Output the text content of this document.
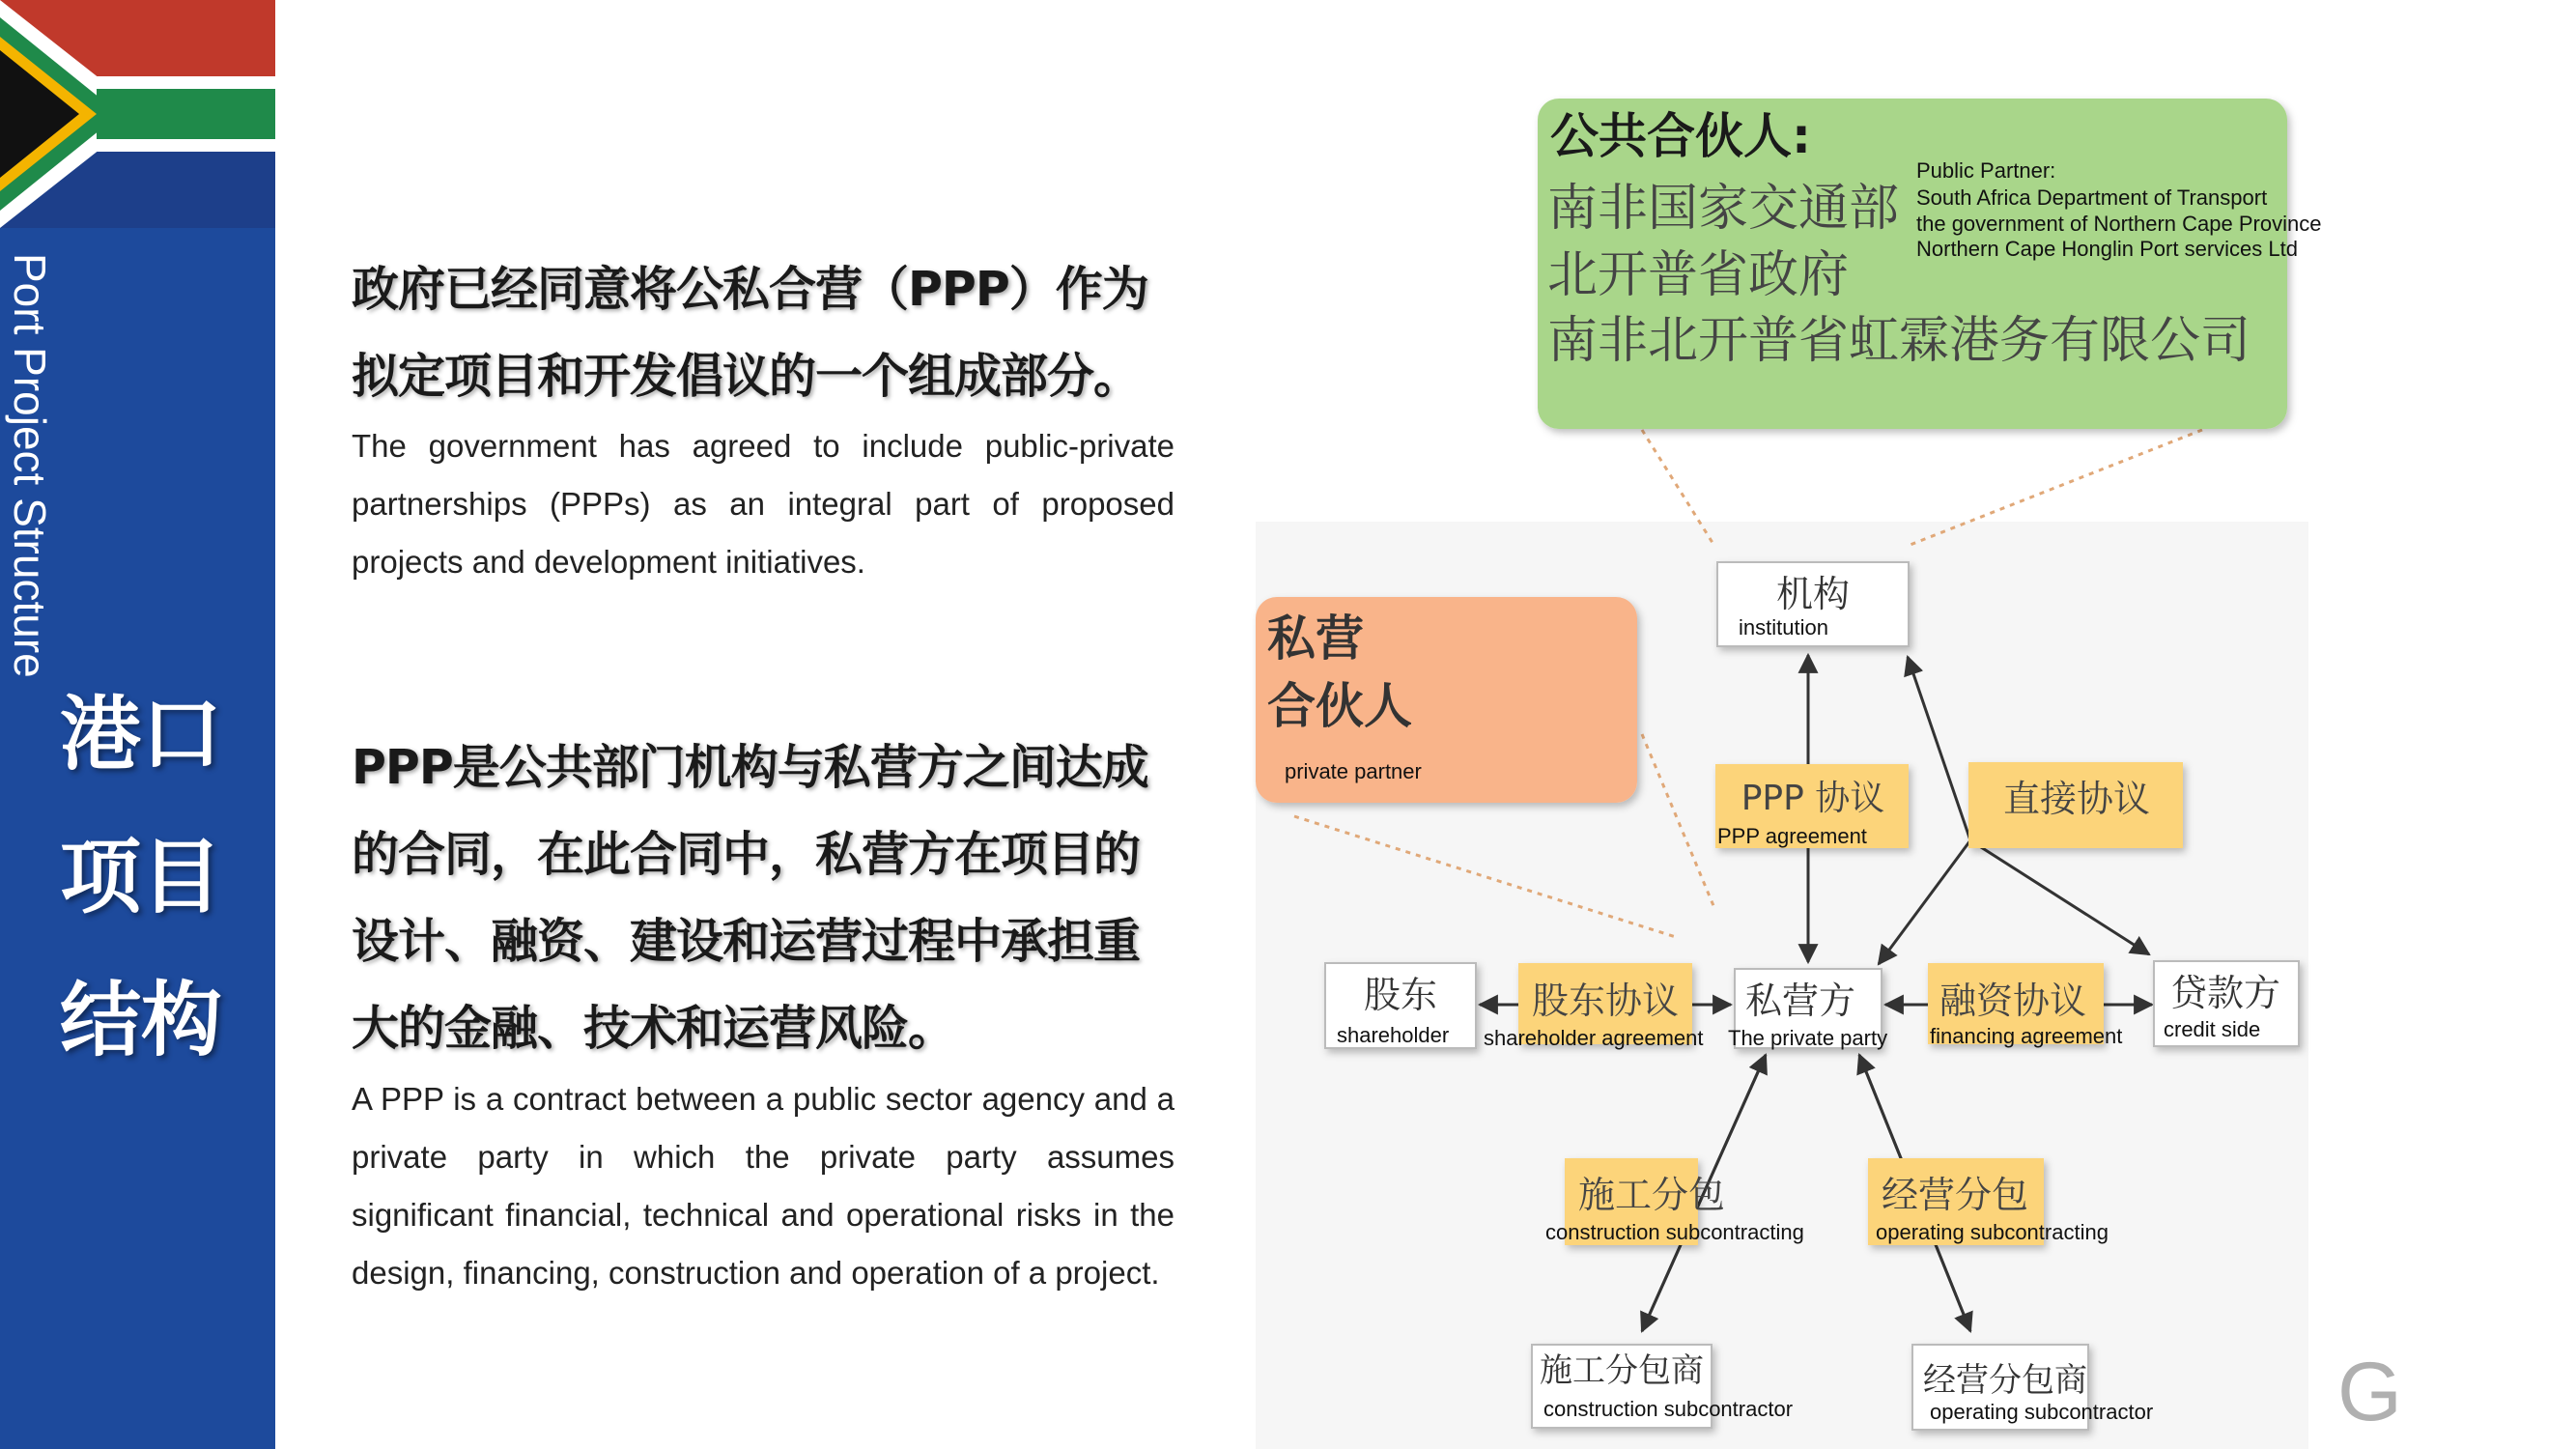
Port Project Structure
港口
项目
结构
政府已经同意将公私合营（PPP）作为
拟定项目和开发倡议的一个组成部分。
The government has agreed to include public-private partnerships (PPPs) as an integral part of proposed projects and development initiatives.
PPP是公共部门机构与私营方之间达成
的合同，在此合同中，私营方在项目的
设计、融资、建设和运营过程中承担重
大的金融、技术和运营风险。
A PPP is a contract between a public sector agency and a private party in which the private party assumes significant financial, technical and operational risks in the design, financing, construction and operation of a project.
公共合伙人:
南非国家交通部
北开普省政府
南非北开普省虹霖港务有限公司
Public Partner:
South Africa Department of Transport
the government of Northern Cape Province
Northern Cape Honglin Port services Ltd
私营
合伙人
private partner
机构
institution
PPP 协议
PPP agreement
直接协议
股东
shareholder
股东协议
shareholder agreement
私营方
The private party
融资协议
financing agreement
贷款方
credit side
施工分包
construction subcontracting
经营分包
operating subcontracting
施工分包商
construction subcontractor
经营分包商
operating subcontractor G
